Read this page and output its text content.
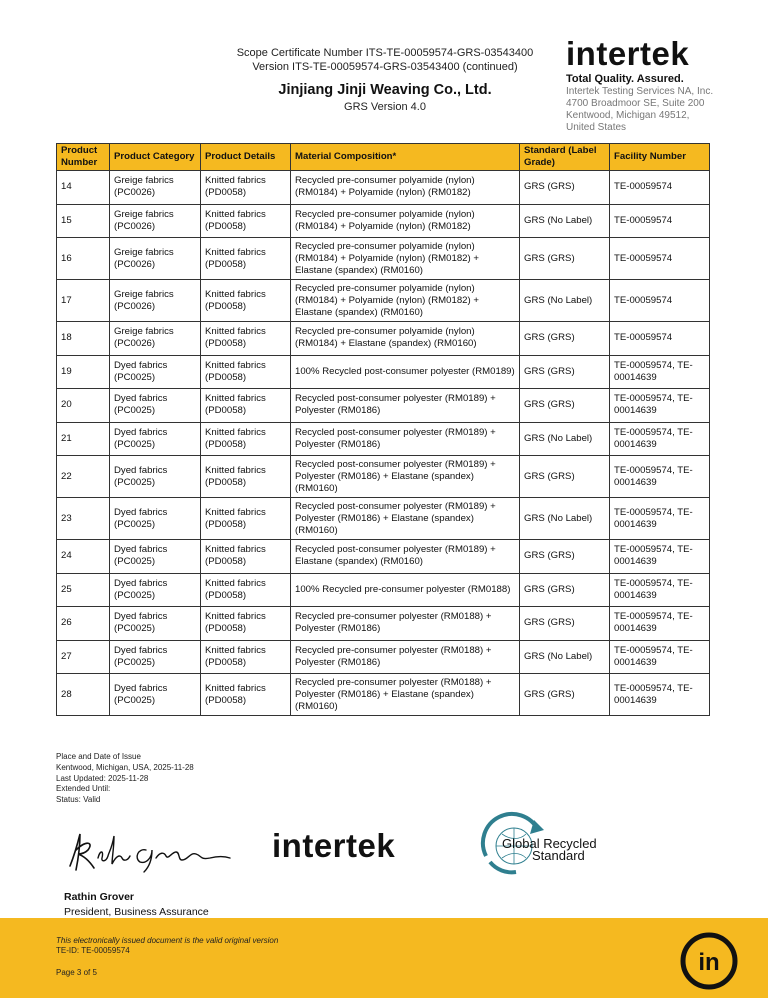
Scope Certificate Number ITS-TE-00059574-GRS-03543400
Version ITS-TE-00059574-GRS-03543400 (continued)
Jinjiang Jinji Weaving Co., Ltd.
GRS Version 4.0
intertek
Total Quality. Assured.
Intertek Testing Services NA, Inc.
4700 Broadmoor SE, Suite 200
Kentwood, Michigan 49512,
United States
Product Number	Product Category	Product Details	Material Composition*	Standard (Label Grade)	Facility Number
14	Greige fabrics (PC0026)	Knitted fabrics (PD0058)	Recycled pre-consumer polyamide (nylon) (RM0184) + Polyamide (nylon) (RM0182)	GRS (GRS)	TE-00059574
15	Greige fabrics (PC0026)	Knitted fabrics (PD0058)	Recycled pre-consumer polyamide (nylon) (RM0184) + Polyamide (nylon) (RM0182)	GRS (No Label)	TE-00059574
16	Greige fabrics (PC0026)	Knitted fabrics (PD0058)	Recycled pre-consumer polyamide (nylon) (RM0184) + Polyamide (nylon) (RM0182) + Elastane (spandex) (RM0160)	GRS (GRS)	TE-00059574
17	Greige fabrics (PC0026)	Knitted fabrics (PD0058)	Recycled pre-consumer polyamide (nylon) (RM0184) + Polyamide (nylon) (RM0182) + Elastane (spandex) (RM0160)	GRS (No Label)	TE-00059574
18	Greige fabrics (PC0026)	Knitted fabrics (PD0058)	Recycled pre-consumer polyamide (nylon) (RM0184) + Elastane (spandex) (RM0160)	GRS (GRS)	TE-00059574
19	Dyed fabrics (PC0025)	Knitted fabrics (PD0058)	100% Recycled post-consumer polyester (RM0189)	GRS (GRS)	TE-00059574, TE-00014639
20	Dyed fabrics (PC0025)	Knitted fabrics (PD0058)	Recycled post-consumer polyester (RM0189) + Polyester (RM0186)	GRS (GRS)	TE-00059574, TE-00014639
21	Dyed fabrics (PC0025)	Knitted fabrics (PD0058)	Recycled post-consumer polyester (RM0189) + Polyester (RM0186)	GRS (No Label)	TE-00059574, TE-00014639
22	Dyed fabrics (PC0025)	Knitted fabrics (PD0058)	Recycled post-consumer polyester (RM0189) + Polyester (RM0186) + Elastane (spandex) (RM0160)	GRS (GRS)	TE-00059574, TE-00014639
23	Dyed fabrics (PC0025)	Knitted fabrics (PD0058)	Recycled post-consumer polyester (RM0189) + Polyester (RM0186) + Elastane (spandex) (RM0160)	GRS (No Label)	TE-00059574, TE-00014639
24	Dyed fabrics (PC0025)	Knitted fabrics (PD0058)	Recycled post-consumer polyester (RM0189) + Elastane (spandex) (RM0160)	GRS (GRS)	TE-00059574, TE-00014639
25	Dyed fabrics (PC0025)	Knitted fabrics (PD0058)	100% Recycled pre-consumer polyester (RM0188)	GRS (GRS)	TE-00059574, TE-00014639
26	Dyed fabrics (PC0025)	Knitted fabrics (PD0058)	Recycled pre-consumer polyester (RM0188) + Polyester (RM0186)	GRS (GRS)	TE-00059574, TE-00014639
27	Dyed fabrics (PC0025)	Knitted fabrics (PD0058)	Recycled pre-consumer polyester (RM0188) + Polyester (RM0186)	GRS (No Label)	TE-00059574, TE-00014639
28	Dyed fabrics (PC0025)	Knitted fabrics (PD0058)	Recycled pre-consumer polyester (RM0188) + Polyester (RM0186) + Elastane (spandex) (RM0160)	GRS (GRS)	TE-00059574, TE-00014639
Place and Date of Issue
Kentwood, Michigan, USA, 2025-11-28
Last Updated: 2025-11-28
Extended Until:
Status: Valid
intertek	Global Recycled
Standard
Rathin Grover
President, Business Assurance
This electronically issued document is the valid original version
TE-ID: TE-00059574
Page 3 of 5	in
